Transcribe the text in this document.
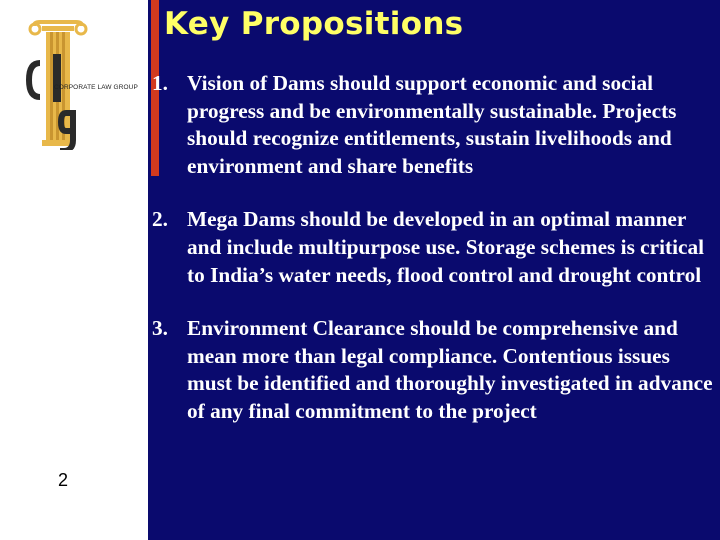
CORPORATE LAW GROUP
2
Key Propositions
1. Vision of Dams should support economic and social progress and be environmentally sustainable. Projects should recognize entitlements, sustain livelihoods and environment and share benefits
2. Mega Dams should be developed in an optimal manner and include multipurpose use. Storage schemes is critical to India’s water needs, flood control and drought control
3. Environment Clearance should be comprehensive and mean more than legal compliance. Contentious issues must be identified and thoroughly investigated in advance of any final commitment to the project
